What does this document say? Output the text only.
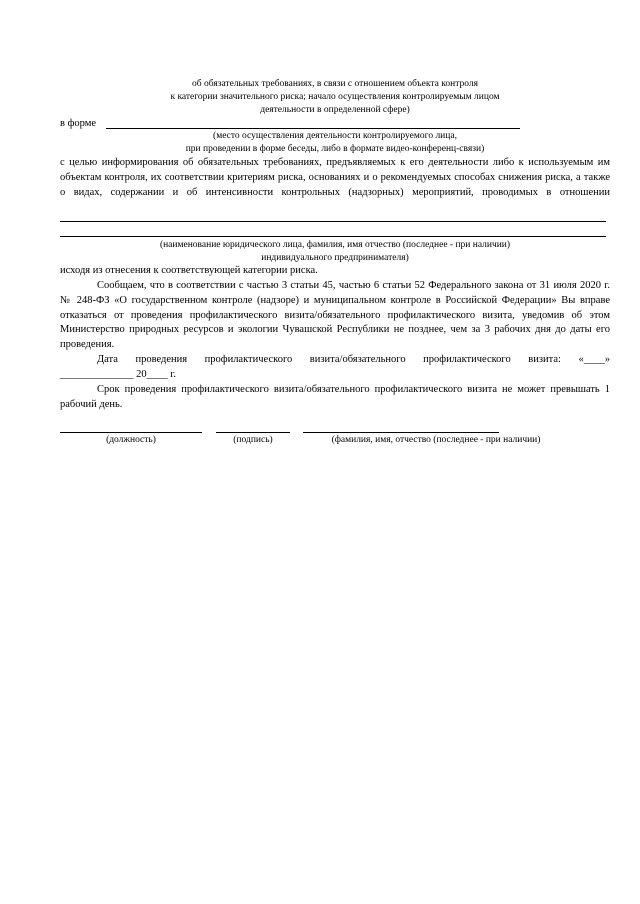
об обязательных требованиях, в связи с отношением объекта контроля
к категории значительного риска; начало осуществления контролируемым лицом
деятельности в определенной сфере)
в форме
(место осуществления деятельности контролируемого лица,
при проведении в форме беседы, либо в формате видео-конференц-связи)
с целью информирования об обязательных требованиях, предъявляемых к его деятельности либо к используемым им объектам контроля, их соответствии критериям риска, основаниях и о рекомендуемых способах снижения риска, а также о видах, содержании и об интенсивности контрольных (надзорных) мероприятий, проводимых в отношении
(наименование юридического лица, фамилия, имя отчество (последнее - при наличии)
индивидуального предпринимателя)
исходя из отнесения к соответствующей категории риска.
Сообщаем, что в соответствии с частью 3 статьи 45, частью 6 статьи 52 Федерального закона от 31 июля 2020 г. № 248-ФЗ «О государственном контроле (надзоре) и муниципальном контроле в Российской Федерации» Вы вправе отказаться от проведения профилактического визита/обязательного профилактического визита, уведомив об этом Министерство природных ресурсов и экологии Чувашской Республики не позднее, чем за 3 рабочих дня до даты его проведения.
Дата проведения профилактического визита/обязательного профилактического визита: «____»
______________ 20____ г.
Срок проведения профилактического визита/обязательного профилактического визита не может превышать 1 рабочий день.
(должность)	(подпись)	(фамилия, имя, отчество (последнее - при наличии)
